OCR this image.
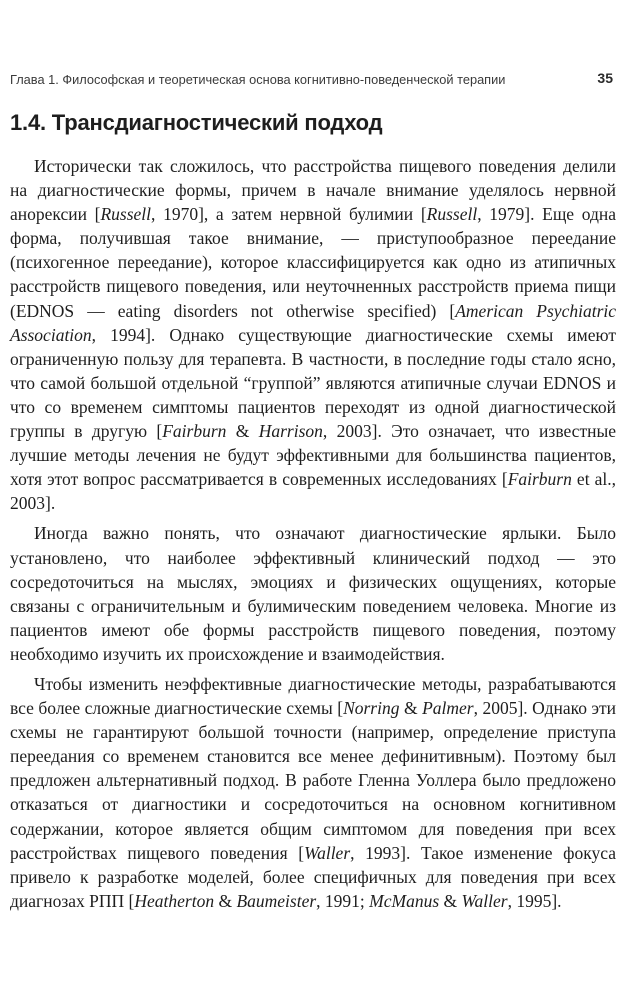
Глава 1. Философская и теоретическая основа когнитивно-поведенческой терапии	35
1.4. Трансдиагностический подход

Исторически так сложилось, что расстройства пищевого поведения делили на диагностические формы, причем в начале внимание уделялось нервной анорексии [Russell, 1970], а затем нервной булимии [Russell, 1979]. Еще одна форма, получившая такое внимание, — приступообразное переедание (психогенное переедание), которое классифицируется как одно из атипичных расстройств пищевого поведения, или неуточненных расстройств приема пищи (EDNOS — eating disorders not otherwise specified) [American Psychiatric Association, 1994]. Однако существующие диагностические схемы имеют ограниченную пользу для терапевта. В частности, в последние годы стало ясно, что самой большой отдельной “группой” являются атипичные случаи EDNOS и что со временем симптомы пациентов переходят из одной диагностической группы в другую [Fairburn & Harrison, 2003]. Это означает, что известные лучшие методы лечения не будут эффективными для большинства пациентов, хотя этот вопрос рассматривается в современных исследованиях [Fairburn et al., 2003].

Иногда важно понять, что означают диагностические ярлыки. Было установлено, что наиболее эффективный клинический подход — это сосредоточиться на мыслях, эмоциях и физических ощущениях, которые связаны с ограничительным и булимическим поведением человека. Многие из пациентов имеют обе формы расстройств пищевого поведения, поэтому необходимо изучить их происхождение и взаимодействия.

Чтобы изменить неэффективные диагностические методы, разрабатываются все более сложные диагностические схемы [Norring & Palmer, 2005]. Однако эти схемы не гарантируют большой точности (например, определение приступа переедания со временем становится все менее дефинитивным). Поэтому был предложен альтернативный подход. В работе Гленна Уоллера было предложено отказаться от диагностики и сосредоточиться на основном когнитивном содержании, которое является общим симптомом для поведения при всех расстройствах пищевого поведения [Waller, 1993]. Такое изменение фокуса привело к разработке моделей, более специфичных для поведения при всех диагнозах РПП [Heatherton & Baumeister, 1991; McManus & Waller, 1995].
